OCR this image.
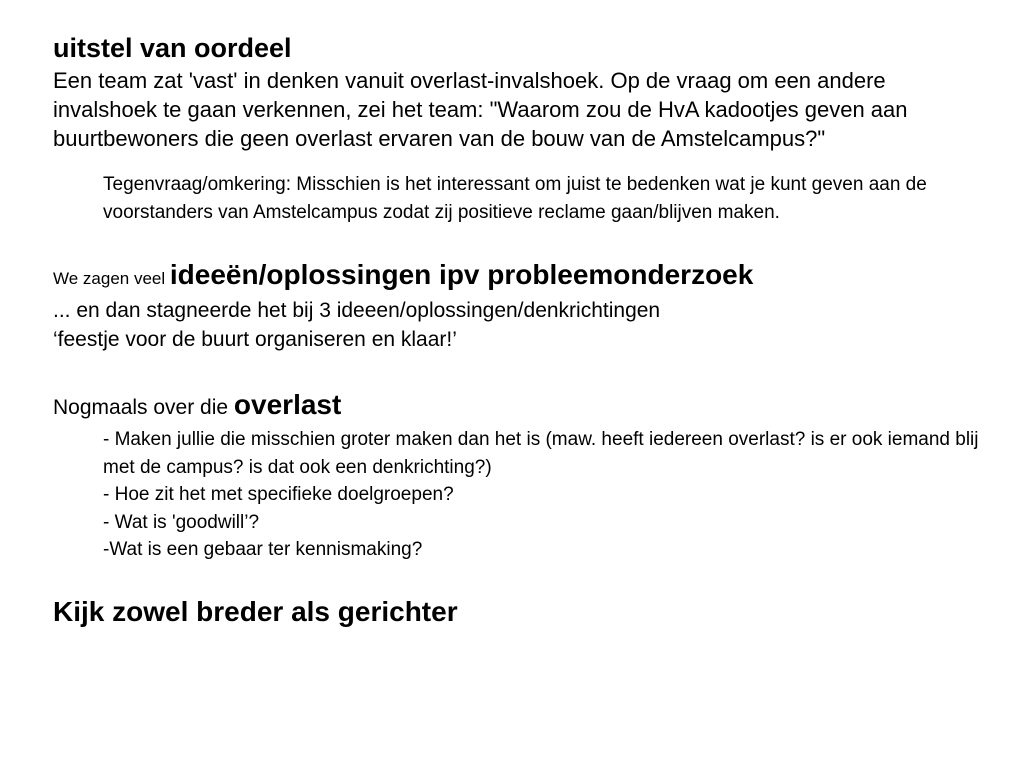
uitstel van oordeel

Een team zat 'vast' in denken vanuit overlast-invalshoek. Op de vraag om een andere invalshoek te gaan verkennen, zei het team: "Waarom zou de HvA kadootjes geven aan buurtbewoners die geen overlast ervaren van de bouw van de Amstelcampus?"

Tegenvraag/omkering: Misschien is het interessant om juist te bedenken wat je kunt geven aan de voorstanders van Amstelcampus zodat zij positieve reclame gaan/blijven maken.

We zagen veel ideeën/oplossingen ipv probleemonderzoek

... en dan stagneerde het bij 3 ideeen/oplossingen/denkrichtingen

‘feestje voor de buurt organiseren en klaar!’

Nogmaals over die overlast

- Maken jullie die misschien groter maken dan het is (maw. heeft iedereen overlast? is er ook iemand blij met de campus? is dat ook een denkrichting?)

- Hoe zit het met specifieke doelgroepen?

- Wat is 'goodwill’?

-Wat is een gebaar ter kennismaking?

Kijk zowel breder als gerichter
